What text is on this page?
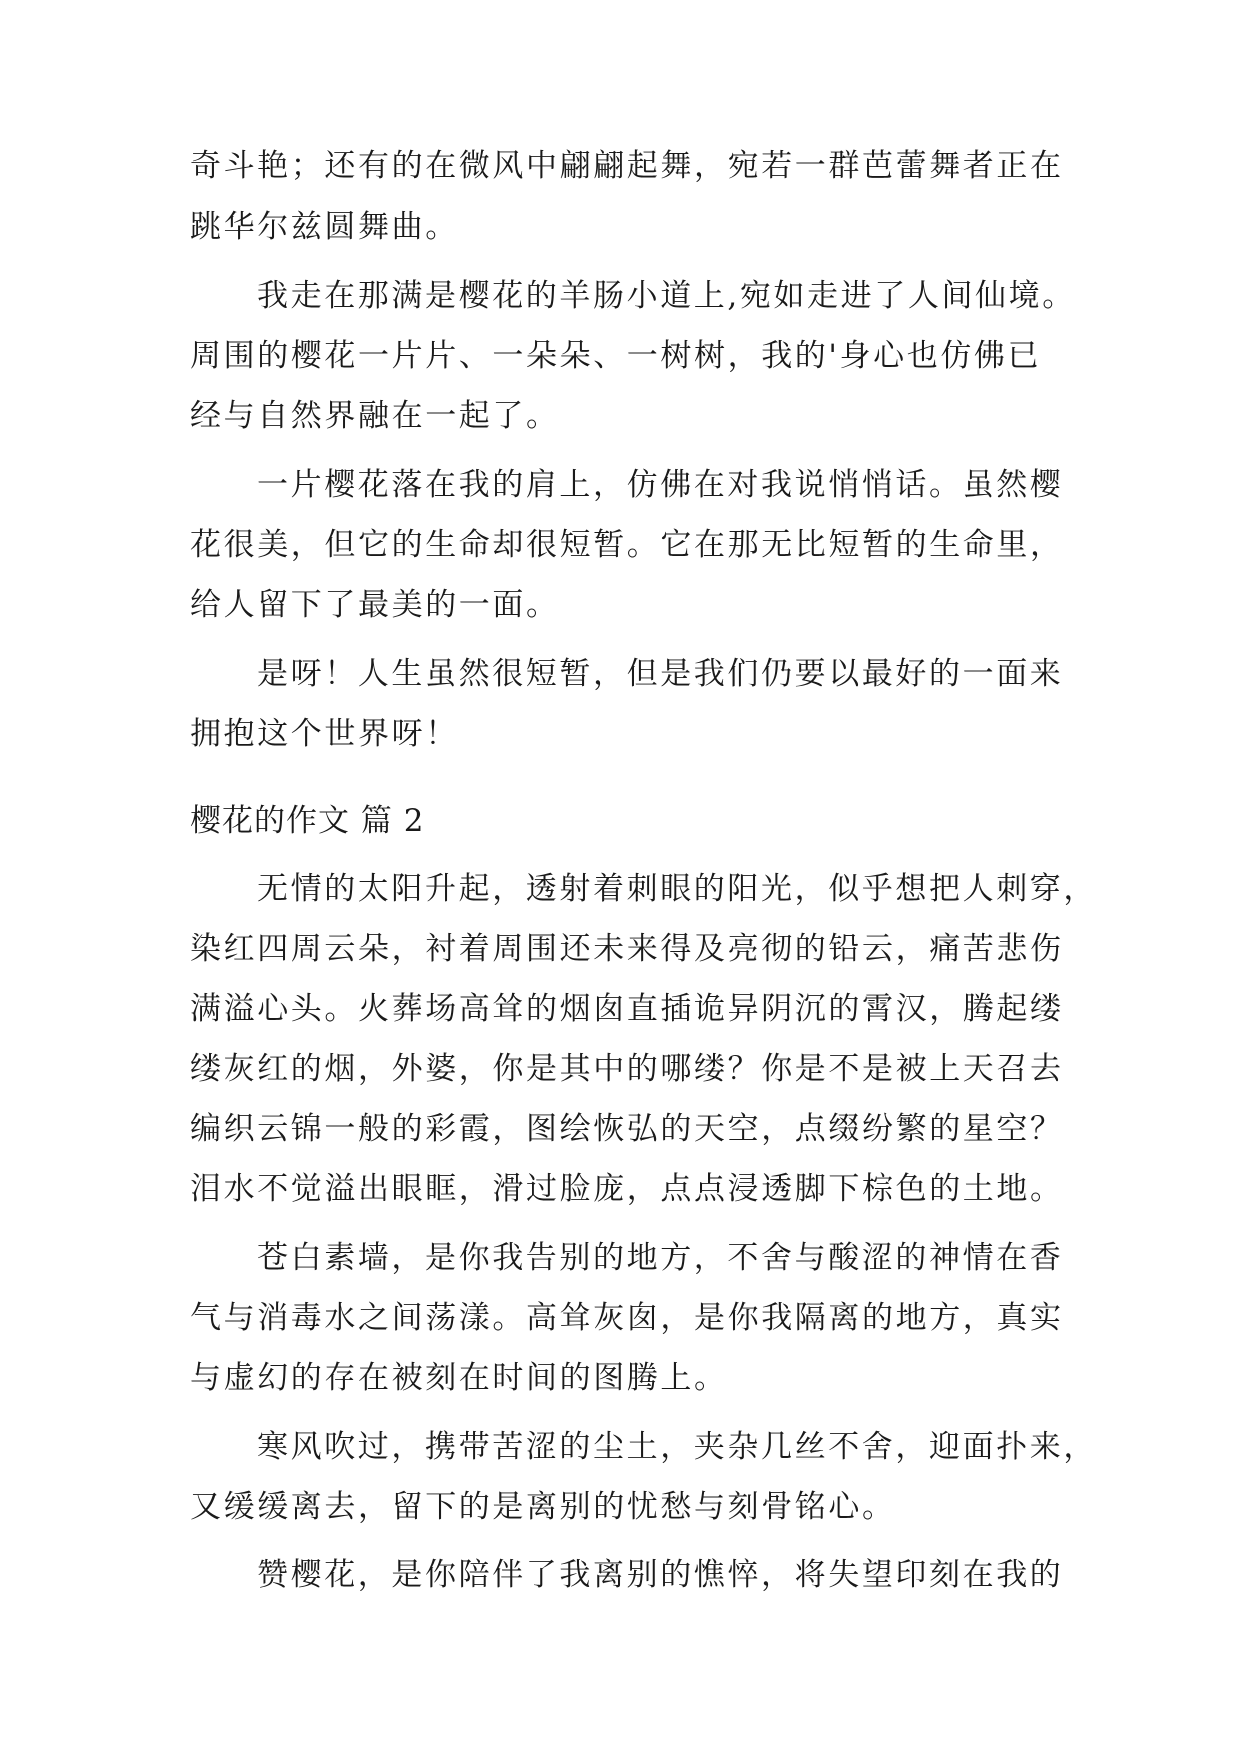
奇斗艳；还有的在微风中翩翩起舞，宛若一群芭蕾舞者正在
跳华尔兹圆舞曲。
我走在那满是樱花的羊肠小道上,宛如走进了人间仙境。
周围的樱花一片片、一朵朵、一树树，我的'身心也仿佛已
经与自然界融在一起了。
一片樱花落在我的肩上，仿佛在对我说悄悄话。虽然樱
花很美，但它的生命却很短暂。它在那无比短暂的生命里，
给人留下了最美的一面。
是呀！人生虽然很短暂，但是我们仍要以最好的一面来
拥抱这个世界呀！
樱花的作文 篇 2
无情的太阳升起，透射着刺眼的阳光，似乎想把人刺穿，
染红四周云朵，衬着周围还未来得及亮彻的铅云，痛苦悲伤
满溢心头。火葬场高耸的烟囱直插诡异阴沉的霄汉，腾起缕
缕灰红的烟，外婆，你是其中的哪缕？你是不是被上天召去
编织云锦一般的彩霞，图绘恢弘的天空，点缀纷繁的星空？
泪水不觉溢出眼眶，滑过脸庞，点点浸透脚下棕色的土地。
苍白素墙，是你我告别的地方，不舍与酸涩的神情在香
气与消毒水之间荡漾。高耸灰囱，是你我隔离的地方，真实
与虚幻的存在被刻在时间的图腾上。
寒风吹过，携带苦涩的尘土，夹杂几丝不舍，迎面扑来，
又缓缓离去，留下的是离别的忧愁与刻骨铭心。
赞樱花，是你陪伴了我离别的憔悴，将失望印刻在我的
